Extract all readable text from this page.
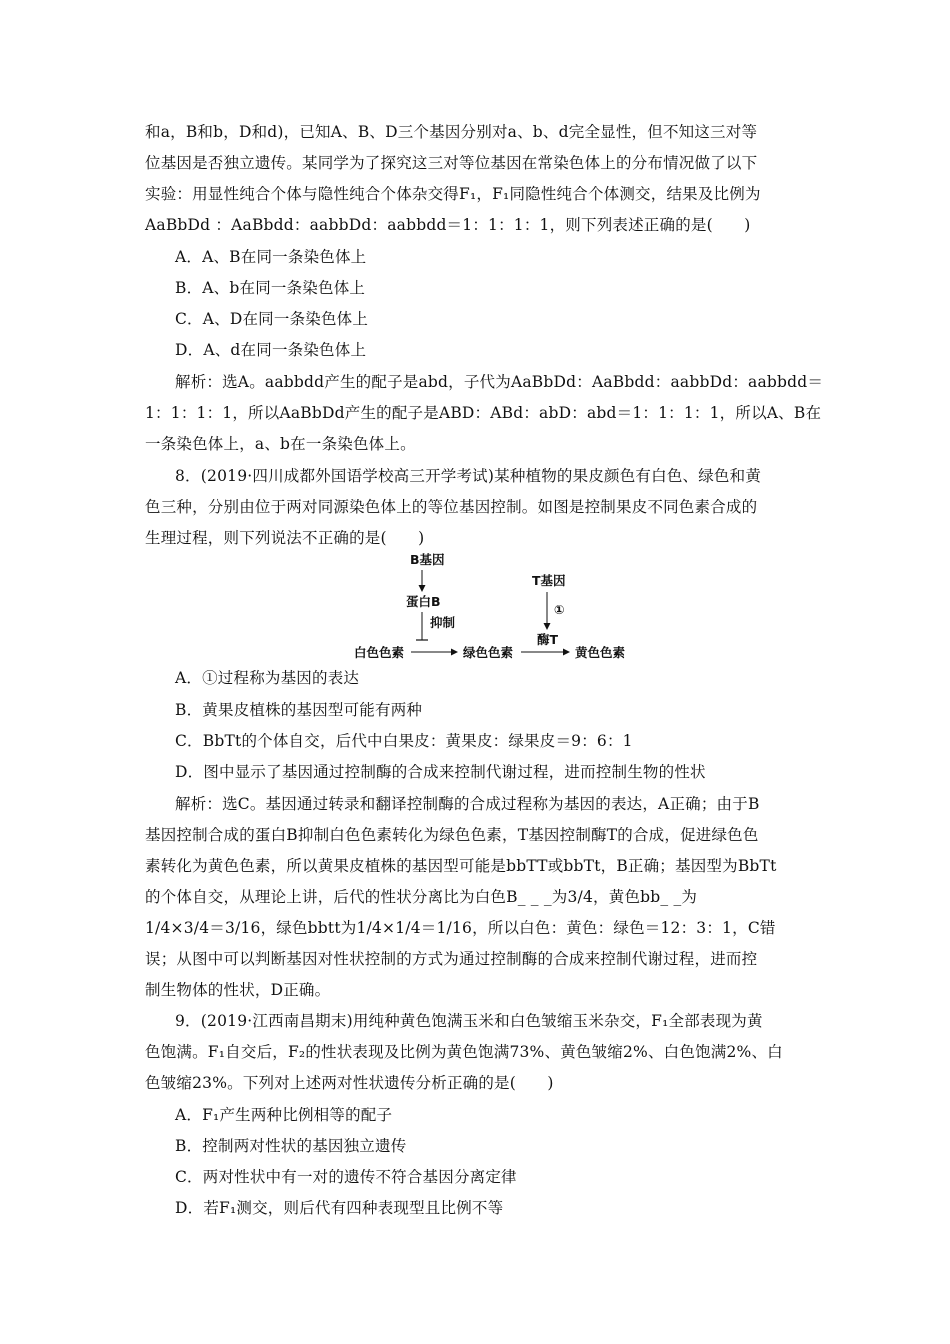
和a，B和b，D和d)，已知A、B、D三个基因分别对a、b、d完全显性，但不知这三对等
位基因是否独立遗传。某同学为了探究这三对等位基因在常染色体上的分布情况做了以下
实验：用显性纯合个体与隐性纯合个体杂交得F₁，F₁同隐性纯合个体测交，结果及比例为
AaBbDd ：AaBbdd：aabbDd：aabbdd＝1：1：1：1，则下列表述正确的是(　　)
A．A、B在同一条染色体上
B．A、b在同一条染色体上
C．A、D在同一条染色体上
D．A、d在同一条染色体上
解析：选A。aabbdd产生的配子是abd，子代为AaBbDd：AaBbdd：aabbDd：aabbdd＝
1：1：1：1，所以AaBbDd产生的配子是ABD：ABd：abD：abd＝1：1：1：1，所以A、B在
一条染色体上，a、b在一条染色体上。
8．(2019·四川成都外国语学校高三开学考试)某种植物的果皮颜色有白色、绿色和黄
色三种，分别由位于两对同源染色体上的等位基因控制。如图是控制果皮不同色素合成的
生理过程，则下列说法不正确的是(　　)
B基因
蛋白B
抑制
T基因
①
酶T
白色色素	绿色色素	黄色色素
A．①过程称为基因的表达
B．黄果皮植株的基因型可能有两种
C．BbTt的个体自交，后代中白果皮：黄果皮：绿果皮＝9：6：1
D．图中显示了基因通过控制酶的合成来控制代谢过程，进而控制生物的性状
解析：选C。基因通过转录和翻译控制酶的合成过程称为基因的表达，A正确；由于B
基因控制合成的蛋白B抑制白色色素转化为绿色色素，T基因控制酶T的合成，促进绿色色
素转化为黄色色素，所以黄果皮植株的基因型可能是bbTT或bbTt，B正确；基因型为BbTt
的个体自交，从理论上讲，后代的性状分离比为白色B_ _ _为3/4，黄色bb_ _为
1/4×3/4＝3/16，绿色bbtt为1/4×1/4＝1/16，所以白色：黄色：绿色＝12：3：1，C错
误；从图中可以判断基因对性状控制的方式为通过控制酶的合成来控制代谢过程，进而控
制生物体的性状，D正确。
9．(2019·江西南昌期末)用纯种黄色饱满玉米和白色皱缩玉米杂交，F₁全部表现为黄
色饱满。F₁自交后，F₂的性状表现及比例为黄色饱满73%、黄色皱缩2%、白色饱满2%、白
色皱缩23%。下列对上述两对性状遗传分析正确的是(　　)
A．F₁产生两种比例相等的配子
B．控制两对性状的基因独立遗传
C．两对性状中有一对的遗传不符合基因分离定律
D．若F₁测交，则后代有四种表现型且比例不等
